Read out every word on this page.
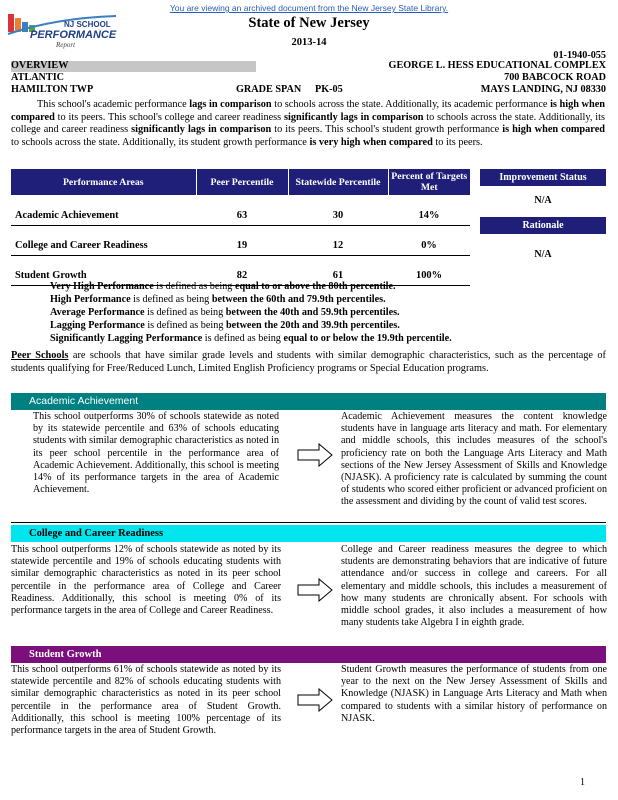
You are viewing an archived document from the New Jersey State Library.
NJ SCHOOL
PERFORMANCE
Report
State of New Jersey
2013-14
01-1940-055
OVERVIEW	GEORGE L. HESS EDUCATIONAL COMPLEX
ATLANTIC	700 BABCOCK ROAD
HAMILTON TWP	GRADE SPAN PK-05	MAYS LANDING, NJ 08330
This school's academic performance lags in comparison to schools across the state. Additionally, its academic performance is high when compared to its peers. This school's college and career readiness significantly lags in comparison to schools across the state. Additionally, its college and career readiness significantly lags in comparison to its peers. This school's student growth performance is high when compared to schools across the state. Additionally, its student growth performance is very high when compared to its peers.
Performance Areas	Peer Percentile	Statewide Percentile	Percent of Targets Met
Academic Achievement	63	30	14%
College and Career Readiness	19	12	0%
Student Growth	82	61	100%
Improvement Status
N/A
Rationale
N/A
Very High Performance is defined as being equal to or above the 80th percentile.
High Performance is defined as being between the 60th and 79.9th percentiles.
Average Performance is defined as being between the 40th and 59.9th percentiles.
Lagging Performance is defined as being between the 20th and 39.9th percentiles.
Significantly Lagging Performance is defined as being equal to or below the 19.9th percentile.
Peer Schools are schools that have similar grade levels and students with similar demographic characteristics, such as the percentage of students qualifying for Free/Reduced Lunch, Limited English Proficiency programs or Special Education programs.
Academic Achievement
This school outperforms 30% of schools statewide as noted by its statewide percentile and 63% of schools educating students with similar demographic characteristics as noted in its peer school percentile in the performance area of Academic Achievement. Additionally, this school is meeting 14% of its performance targets in the area of Academic Achievement.
Academic Achievement measures the content knowledge students have in language arts literacy and math. For elementary and middle schools, this includes measures of the school's proficiency rate on both the Language Arts Literacy and Math sections of the New Jersey Assessment of Skills and Knowledge (NJASK). A proficiency rate is calculated by summing the count of students who scored either proficient or advanced proficient on the assessment and dividing by the count of valid test scores.
College and Career Readiness
This school outperforms 12% of schools statewide as noted by its statewide percentile and 19% of schools educating students with similar demographic characteristics as noted in its peer school percentile in the performance area of College and Career Readiness. Additionally, this school is meeting 0% of its performance targets in the area of College and Career Readiness.
College and Career readiness measures the degree to which students are demonstrating behaviors that are indicative of future attendance and/or success in college and careers. For all elementary and middle schools, this includes a measurement of how many students are chronically absent. For schools with middle school grades, it also includes a measurement of how many students take Algebra I in eighth grade.
Student Growth
This school outperforms 61% of schools statewide as noted by its statewide percentile and 82% of schools educating students with similar demographic characteristics as noted in its peer school percentile in the performance area of Student Growth. Additionally, this school is meeting 100% percentage of its performance targets in the area of Student Growth.
Student Growth measures the performance of students from one year to the next on the New Jersey Assessment of Skills and Knowledge (NJASK) in Language Arts Literacy and Math when compared to students with a similar history of performance on NJASK.
1
